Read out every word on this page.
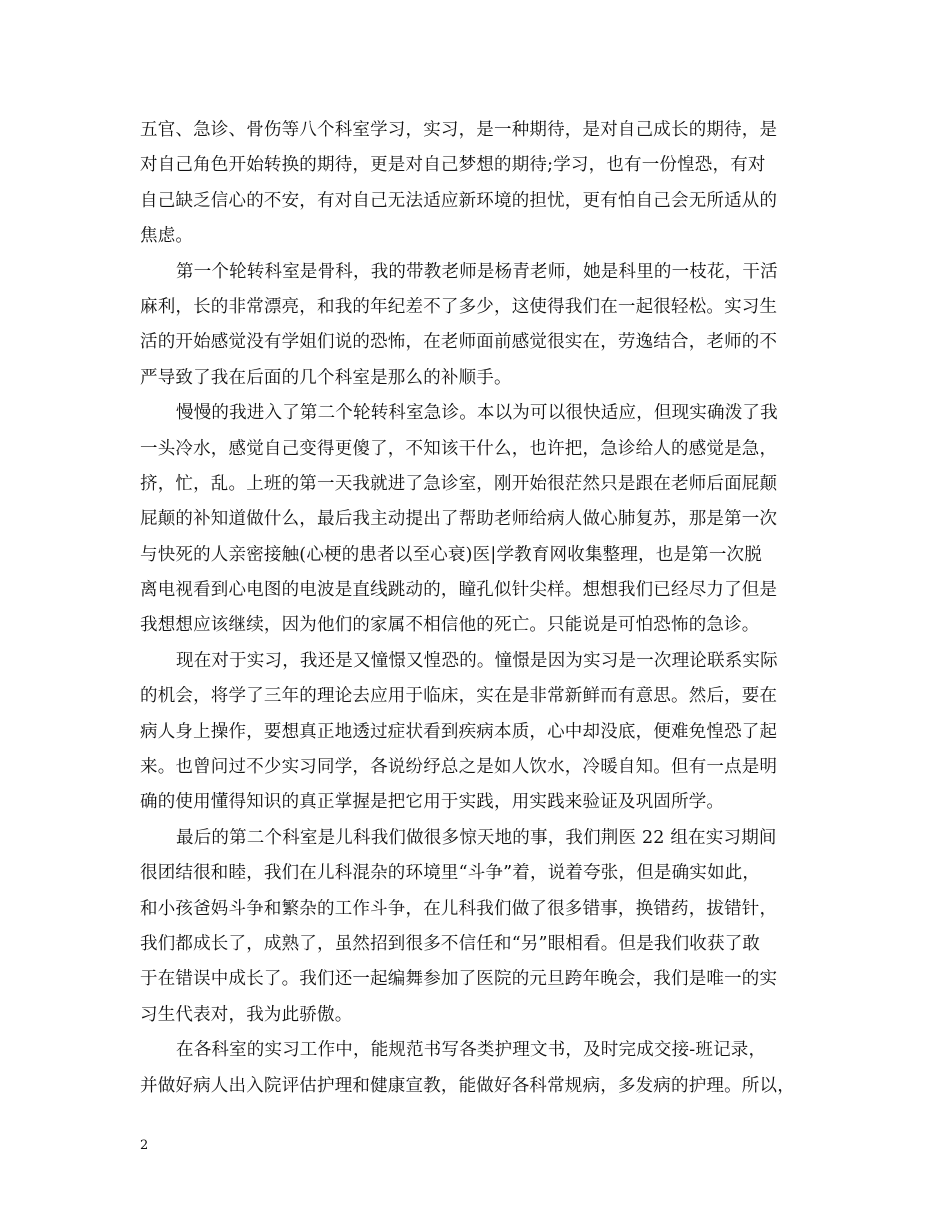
五官、急诊、骨伤等八个科室学习，实习，是一种期待，是对自己成长的期待，是
对自己角色开始转换的期待，更是对自己梦想的期待;学习，也有一份惶恐，有对
自己缺乏信心的不安，有对自己无法适应新环境的担忧，更有怕自己会无所适从的
焦虑。
第一个轮转科室是骨科，我的带教老师是杨青老师，她是科里的一枝花，干活
麻利，长的非常漂亮，和我的年纪差不了多少，这使得我们在一起很轻松。实习生
活的开始感觉没有学姐们说的恐怖，在老师面前感觉很实在，劳逸结合，老师的不
严导致了我在后面的几个科室是那么的补顺手。
慢慢的我进入了第二个轮转科室急诊。本以为可以很快适应，但现实确泼了我
一头冷水，感觉自己变得更傻了，不知该干什么，也许把，急诊给人的感觉是急，
挤，忙，乱。上班的第一天我就进了急诊室，刚开始很茫然只是跟在老师后面屁颠
屁颠的补知道做什么，最后我主动提出了帮助老师给病人做心肺复苏，那是第一次
与快死的人亲密接触(心梗的患者以至心衰)医|学教育网收集整理，也是第一次脱
离电视看到心电图的电波是直线跳动的，瞳孔似针尖样。想想我们已经尽力了但是
我想想应该继续，因为他们的家属不相信他的死亡。只能说是可怕恐怖的急诊。
现在对于实习，我还是又憧憬又惶恐的。憧憬是因为实习是一次理论联系实际
的机会，将学了三年的理论去应用于临床，实在是非常新鲜而有意思。然后，要在
病人身上操作，要想真正地透过症状看到疾病本质，心中却没底，便难免惶恐了起
来。也曾问过不少实习同学，各说纷纾总之是如人饮水，冷暖自知。但有一点是明
确的使用懂得知识的真正掌握是把它用于实践，用实践来验证及巩固所学。
最后的第二个科室是儿科我们做很多惊天地的事，我们荆医 22 组在实习期间
很团结很和睦，我们在儿科混杂的环境里“斗争”着，说着夸张，但是确实如此，
和小孩爸妈斗争和繁杂的工作斗争，在儿科我们做了很多错事，换错药，拔错针，
我们都成长了，成熟了，虽然招到很多不信任和“另”眼相看。但是我们收获了敢
于在错误中成长了。我们还一起编舞参加了医院的元旦跨年晚会，我们是唯一的实
习生代表对，我为此骄傲。
在各科室的实习工作中，能规范书写各类护理文书，及时完成交接-班记录，
并做好病人出入院评估护理和健康宣教，能做好各科常规病，多发病的护理。所以，
2
